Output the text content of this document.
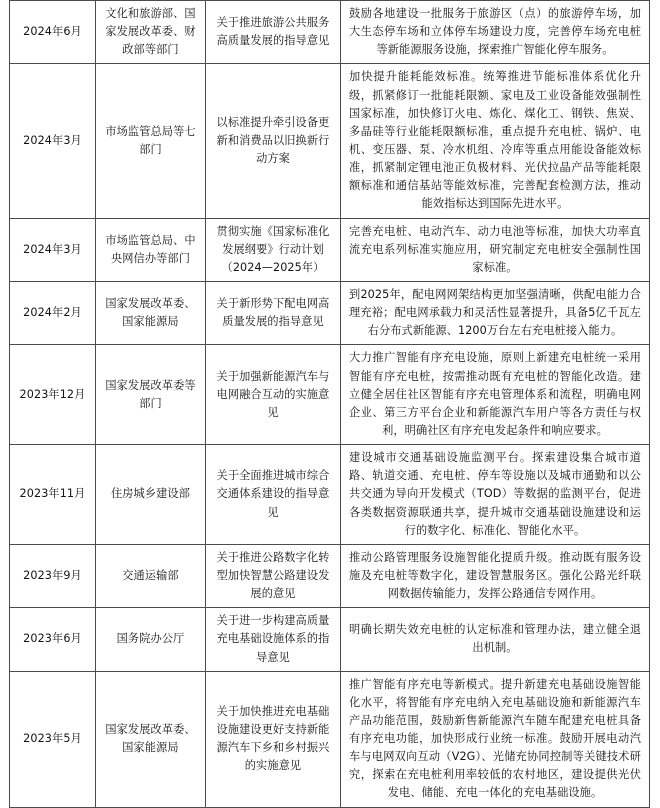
2024年6月	文化和旅游部、国家发展改革委、财政部等部门	关于推进旅游公共服务高质量发展的指导意见	鼓励各地建设一批服务于旅游区（点）的旅游停车场，加大生态停车场和立体停车场建设力度，完善停车场充电桩等新能源服务设施，探索推广智能化停车服务。
2024年3月	市场监管总局等七部门	以标准提升牵引设备更新和消费品以旧换新行动方案	加快提升能耗能效标准。统筹推进节能标准体系优化升级，抓紧修订一批能耗限额、家电及工业设备能效强制性国家标准，加快修订火电、炼化、煤化工、钢铁、焦炭、多晶硅等行业能耗限额标准，重点提升充电桩、锅炉、电机、变压器、泵、冷水机组、冷库等重点用能设备能效标准，抓紧制定锂电池正负极材料、光伏拉晶产品等能耗限额标准和通信基站等能效标准，完善配套检测方法，推动能效指标达到国际先进水平。
2024年3月	市场监管总局、中央网信办等部门	贯彻实施《国家标准化发展纲要》行动计划（2024—2025年）	完善充电桩、电动汽车、动力电池等标准，加快大功率直流充电系列标准实施应用，研究制定充电桩安全强制性国家标准。
2024年2月	国家发展改革委、国家能源局	关于新形势下配电网高质量发展的指导意见	到2025年，配电网网架结构更加坚强清晰，供配电能力合理充裕；配电网承载力和灵活性显著提升，具备5亿千瓦左右分布式新能源、1200万台左右充电桩接入能力。
2023年12月	国家发展改革委等部门	关于加强新能源汽车与电网融合互动的实施意见	大力推广智能有序充电设施，原则上新建充电桩统一采用智能有序充电桩，按需推动既有充电桩的智能化改造。建立健全居住社区智能有序充电管理体系和流程，明确电网企业、第三方平台企业和新能源汽车用户等各方责任与权利，明确社区有序充电发起条件和响应要求。
2023年11月	住房城乡建设部	关于全面推进城市综合交通体系建设的指导意见	建设城市交通基础设施监测平台。探索建设集合城市道路、轨道交通、充电桩、停车等设施以及城市通勤和以公共交通为导向开发模式（TOD）等数据的监测平台，促进各类数据资源联通共享，提升城市交通基础设施建设和运行的数字化、标准化、智能化水平。
2023年9月	交通运输部	关于推进公路数字化转型加快智慧公路建设发展的意见	推动公路管理服务设施智能化提质升级。推动既有服务设施及充电桩等数字化，建设智慧服务区。强化公路光纤联网数据传输能力，发挥公路通信专网作用。
2023年6月	国务院办公厅	关于进一步构建高质量充电基础设施体系的指导意见	明确长期失效充电桩的认定标准和管理办法，建立健全退出机制。
2023年5月	国家发展改革委、国家能源局	关于加快推进充电基础设施建设更好支持新能源汽车下乡和乡村振兴的实施意见	推广智能有序充电等新模式。提升新建充电基础设施智能化水平，将智能有序充电纳入充电基础设施和新能源汽车产品功能范围，鼓励新售新能源汽车随车配建充电桩具备有序充电功能，加快形成行业统一标准。鼓励开展电动汽车与电网双向互动（V2G）、光储充协同控制等关键技术研究，探索在充电桩利用率较低的农村地区，建设提供光伏发电、储能、充电一体化的充电基础设施。
